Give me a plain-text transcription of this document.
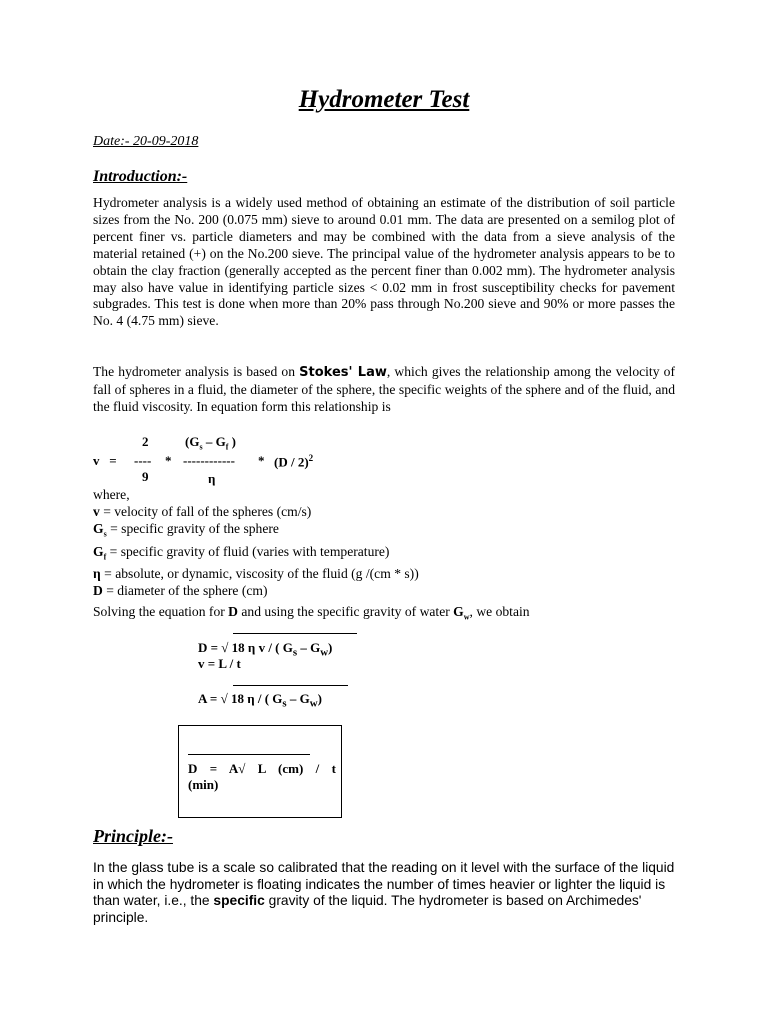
Hydrometer Test
Date:- 20-09-2018
Introduction:-
Hydrometer analysis is a widely used method of obtaining an estimate of the distribution of soil particle sizes from the No. 200 (0.075 mm) sieve to around 0.01 mm. The data are presented on a semilog plot of percent finer vs. particle diameters and may be combined with the data from a sieve analysis of the material retained (+) on the No.200 sieve. The principal value of the hydrometer analysis appears to be to obtain the clay fraction (generally accepted as the percent finer than 0.002 mm). The hydrometer analysis may also have value in identifying particle sizes < 0.02 mm in frost susceptibility checks for pavement subgrades. This test is done when more than 20% pass through No.200 sieve and 90% or more passes the No. 4 (4.75 mm) sieve.
The hydrometer analysis is based on Stokes' Law, which gives the relationship among the velocity of fall of spheres in a fluid, the diameter of the sphere, the specific weights of the sphere and of the fluid, and the fluid viscosity. In equation form this relationship is
2	($G_s - G_f$ )
v   = ---- * ------------ * (D / 2)$^2$
9	η
where,
v = velocity of fall of the spheres (cm/s)
$G_s$ = specific gravity of the sphere
$G_f$ = specific gravity of fluid (varies with temperature)
η = absolute, or dynamic, viscosity of the fluid (g /(cm * s))
D = diameter of the sphere (cm)
Solving the equation for D and using the specific gravity of water $G_w$, we obtain
D = √ 18 η v / ( $G_s - G_w$)
v = L / t
A = √ 18 η / ( $G_s - G_w$)
D = A√ L (cm) / t
(min)
Principle:-
In the glass tube is a scale so calibrated that the reading on it level with the surface of the liquid in which the hydrometer is floating indicates the number of times heavier or lighter the liquid is than water, i.e., the specific gravity of the liquid. The hydrometer is based on Archimedes' principle.
